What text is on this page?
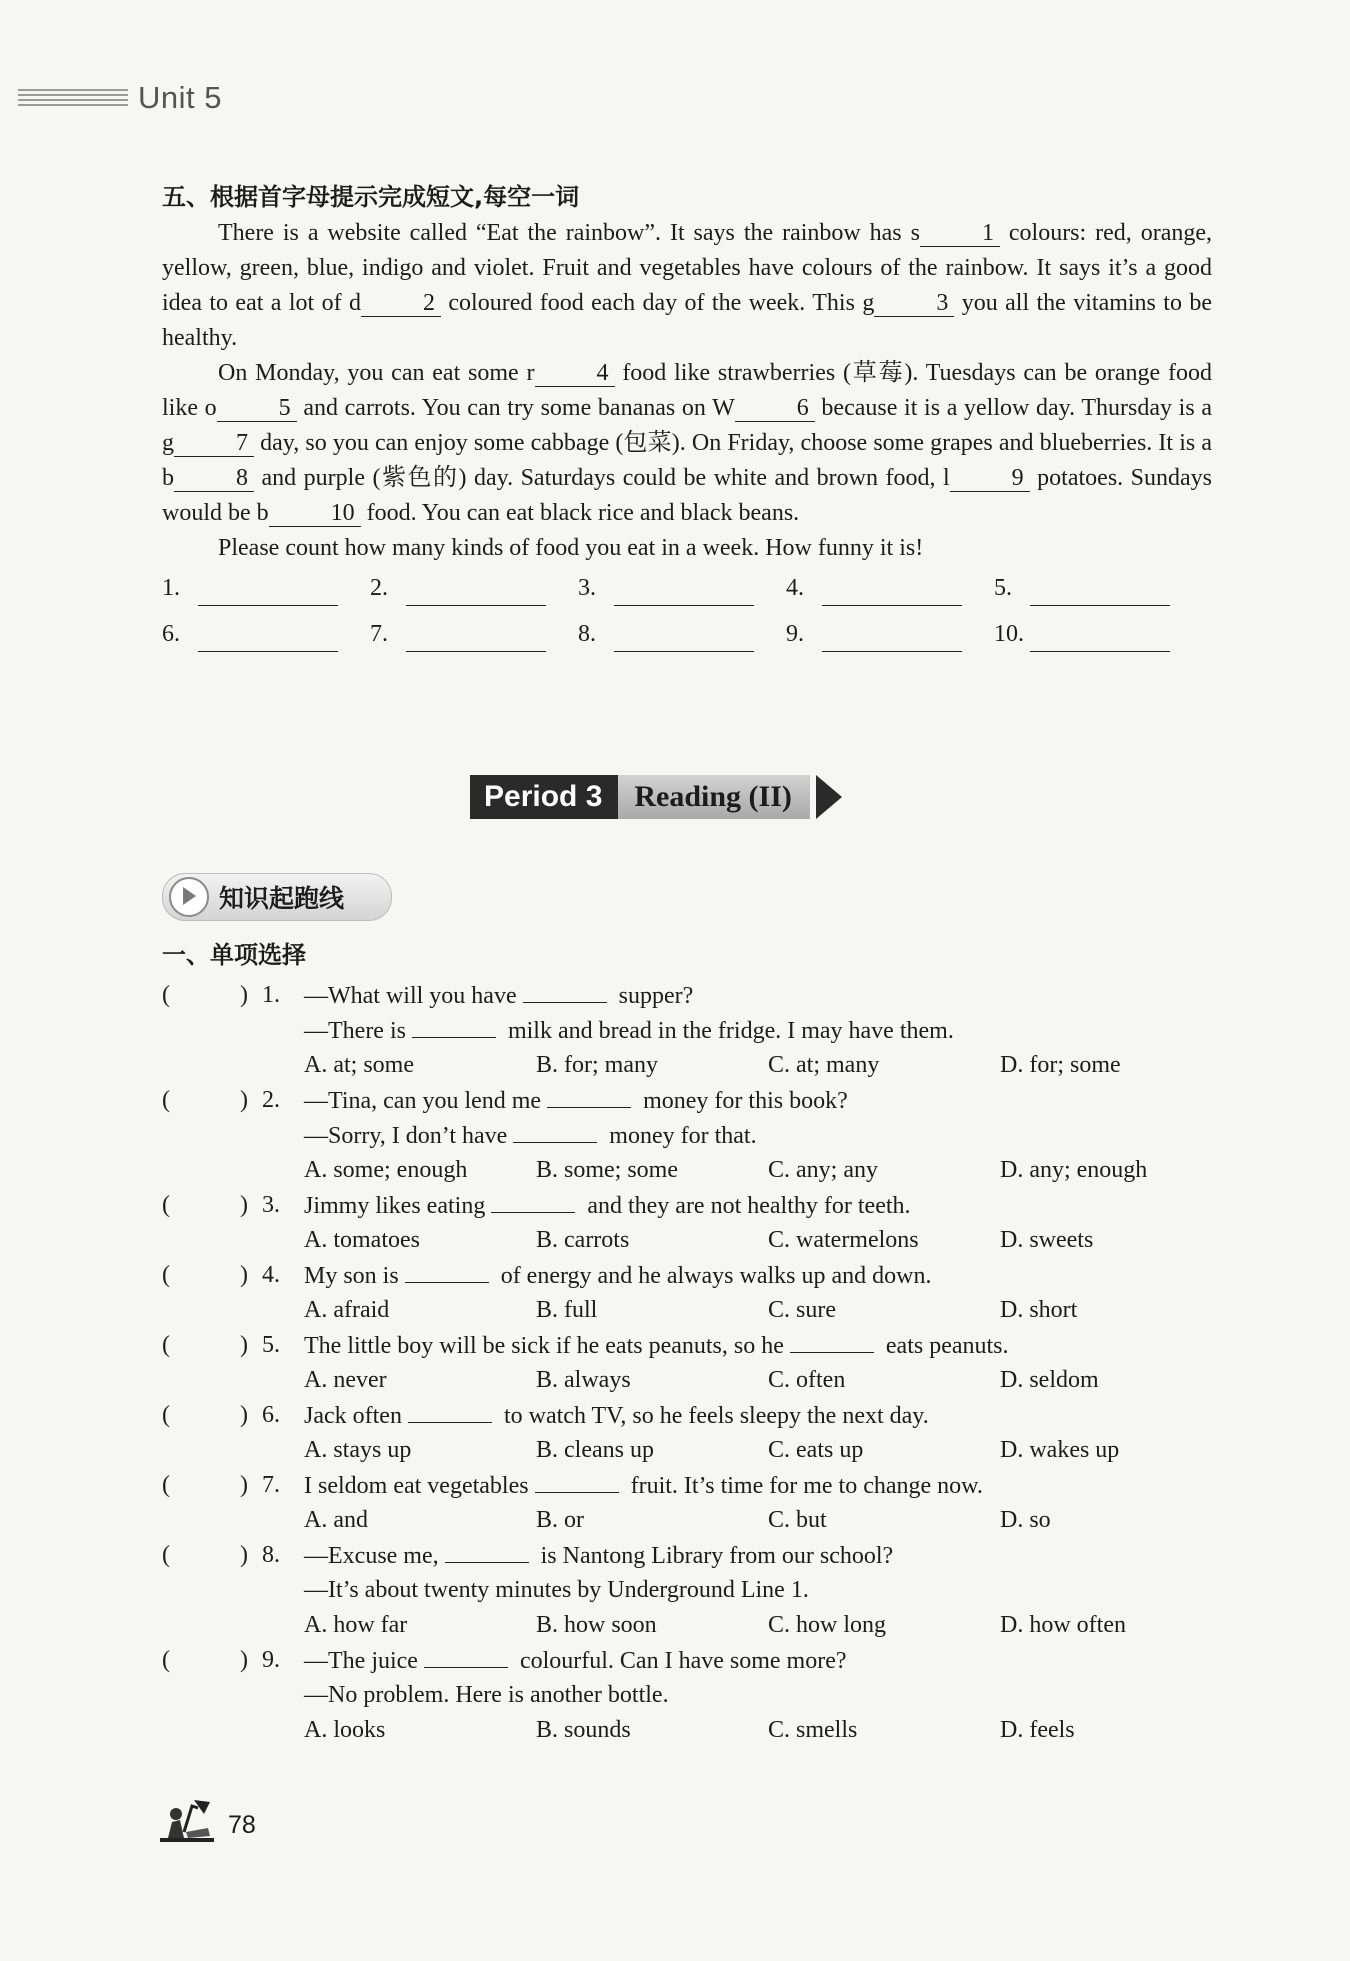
Unit 5
五、根据首字母提示完成短文,每空一词

There is a website called “Eat the rainbow”. It says the rainbow has s	1 colours: red, orange, yellow, green, blue, indigo and violet. Fruit and vegetables have colours of the rainbow. It says it’s a good idea to eat a lot of d	2 coloured food each day of the week. This g	3 you all the vitamins to be healthy.

On Monday, you can eat some r	4 food like strawberries (草莓). Tuesdays can be orange food like o	5 and carrots. You can try some bananas on W	6 because it is a yellow day. Thursday is a g	7 day, so you can enjoy some cabbage (包菜). On Friday, choose some grapes and blueberries. It is a b	8 and purple (紫色的) day. Saturdays could be white and brown food, l	9 potatoes. Sundays would be b	10 food. You can eat black rice and black beans.

Please count how many kinds of food you eat in a week. How funny it is!

1.	2.	3.	4.	5.
6.	7.	8.	9.	10.
Period 3	Reading (II)
知识起跑线
一、单项选择
(	) 1.	—What will you have	supper?
—There is	milk and bread in the fridge. I may have them.
A. at; some	B. for; many	C. at; many	D. for; some
(	) 2.	—Tina, can you lend me	money for this book?
—Sorry, I don’t have	money for that.
A. some; enough	B. some; some	C. any; any	D. any; enough
(	) 3.	Jimmy likes eating	and they are not healthy for teeth.
A. tomatoes	B. carrots	C. watermelons	D. sweets
(	) 4.	My son is	of energy and he always walks up and down.
A. afraid	B. full	C. sure	D. short
(	) 5.	The little boy will be sick if he eats peanuts, so he	eats peanuts.
A. never	B. always	C. often	D. seldom
(	) 6.	Jack often	to watch TV, so he feels sleepy the next day.
A. stays up	B. cleans up	C. eats up	D. wakes up
(	) 7.	I seldom eat vegetables	fruit. It’s time for me to change now.
A. and	B. or	C. but	D. so
(	) 8.	—Excuse me,	is Nantong Library from our school?
—It’s about twenty minutes by Underground Line 1.
A. how far	B. how soon	C. how long	D. how often
(	) 9.	—The juice	colourful. Can I have some more?
—No problem. Here is another bottle.
A. looks	B. sounds	C. smells	D. feels
78
